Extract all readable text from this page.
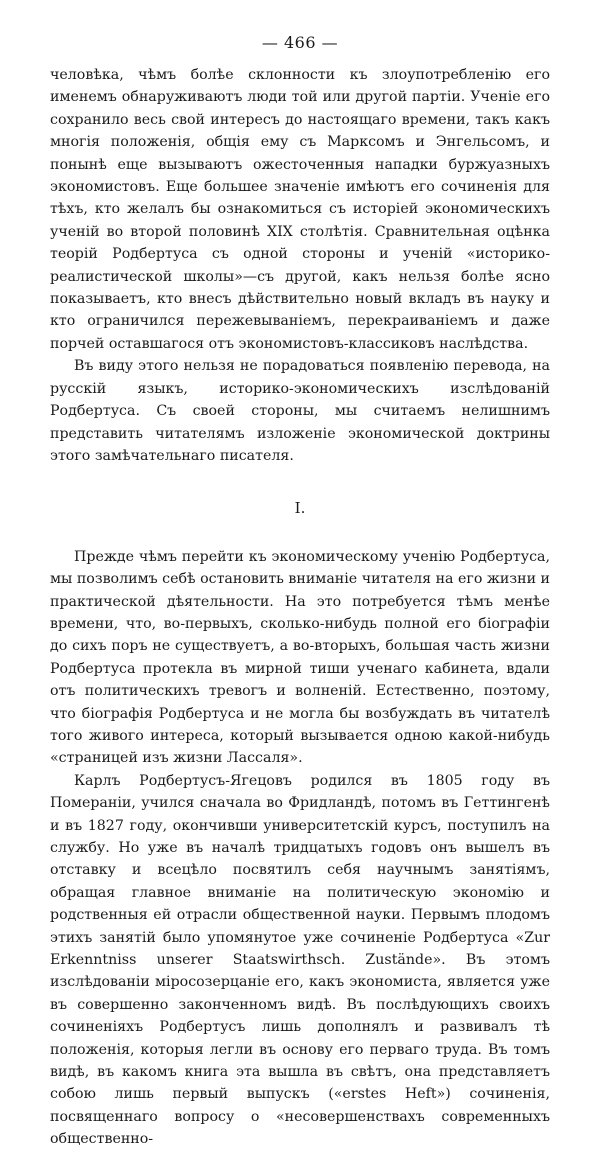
— 466 —

человѣка, чѣмъ болѣе склонности къ злоупотребленію его именемъ обнаруживаютъ люди той или другой партіи. Ученіе его сохранило весь свой интересъ до настоящаго времени, такъ какъ многія положенія, общія ему съ Марксомъ и Энгельсомъ, и понынѣ еще вызываютъ ожесточенныя нападки буржуазныхъ экономистовъ. Еще большее значеніе имѣютъ его сочиненія для тѣхъ, кто желалъ бы ознакомиться съ исторіей экономическихъ ученій во второй половинѣ XIX столѣтія. Сравнительная оцѣнка теорій Родбертуса съ одной стороны и ученій «историко-реалистической школы»—съ другой, какъ нельзя болѣе ясно показываетъ, кто внесъ дѣйствительно новый вкладъ въ науку и кто ограничился пережевываніемъ, перекраиваніемъ и даже порчей оставшагося отъ экономистовъ-классиковъ наслѣдства.

Въ виду этого нельзя не порадоваться появленію перевода, на русскій языкъ, историко-экономическихъ изслѣдованій Родбертуса. Съ своей стороны, мы считаемъ нелишнимъ представить читателямъ изложеніе экономической доктрины этого замѣчательнаго писателя.

I.

Прежде чѣмъ перейти къ экономическому ученію Родбертуса, мы позволимъ себѣ остановить вниманіе читателя на его жизни и практической дѣятельности. На это потребуется тѣмъ менѣе времени, что, во-первыхъ, сколько-нибудь полной его біографіи до сихъ поръ не существуетъ, а во-вторыхъ, большая часть жизни Родбертуса протекла въ мирной тиши ученаго кабинета, вдали отъ политическихъ тревогъ и волненій. Естественно, поэтому, что біографія Родбертуса и не могла бы возбуждать въ читателѣ того живого интереса, который вызывается одною какой-нибудь «страницей изъ жизни Лассаля».

Карлъ Родбертусъ-Ягецовъ родился въ 1805 году въ Помераніи, учился сначала во Фридландѣ, потомъ въ Геттингенѣ и въ 1827 году, окончивши университетскій курсъ, поступилъ на службу. Но уже въ началѣ тридцатыхъ годовъ онъ вышелъ въ отставку и всецѣло посвятилъ себя научнымъ занятіямъ, обращая главное вниманіе на политическую экономію и родственныя ей отрасли общественной науки. Первымъ плодомъ этихъ занятій было упомянутое уже сочиненіе Родбертуса «Zur Erkenntniss unserer Staatswirthsch. Zustände». Въ этомъ изслѣдованіи міросозерцаніе его, какъ экономиста, является уже въ совершенно законченномъ видѣ. Въ послѣдующихъ своихъ сочиненіяхъ Родбертусъ лишь дополнялъ и развивалъ тѣ положенія, которыя легли въ основу его перваго труда. Въ томъ видѣ, въ какомъ книга эта вышла въ свѣтъ, она представляетъ собою лишь первый выпускъ («erstes Heft») сочиненія, посвященнаго вопросу о «несовершенствахъ современныхъ общественно-
